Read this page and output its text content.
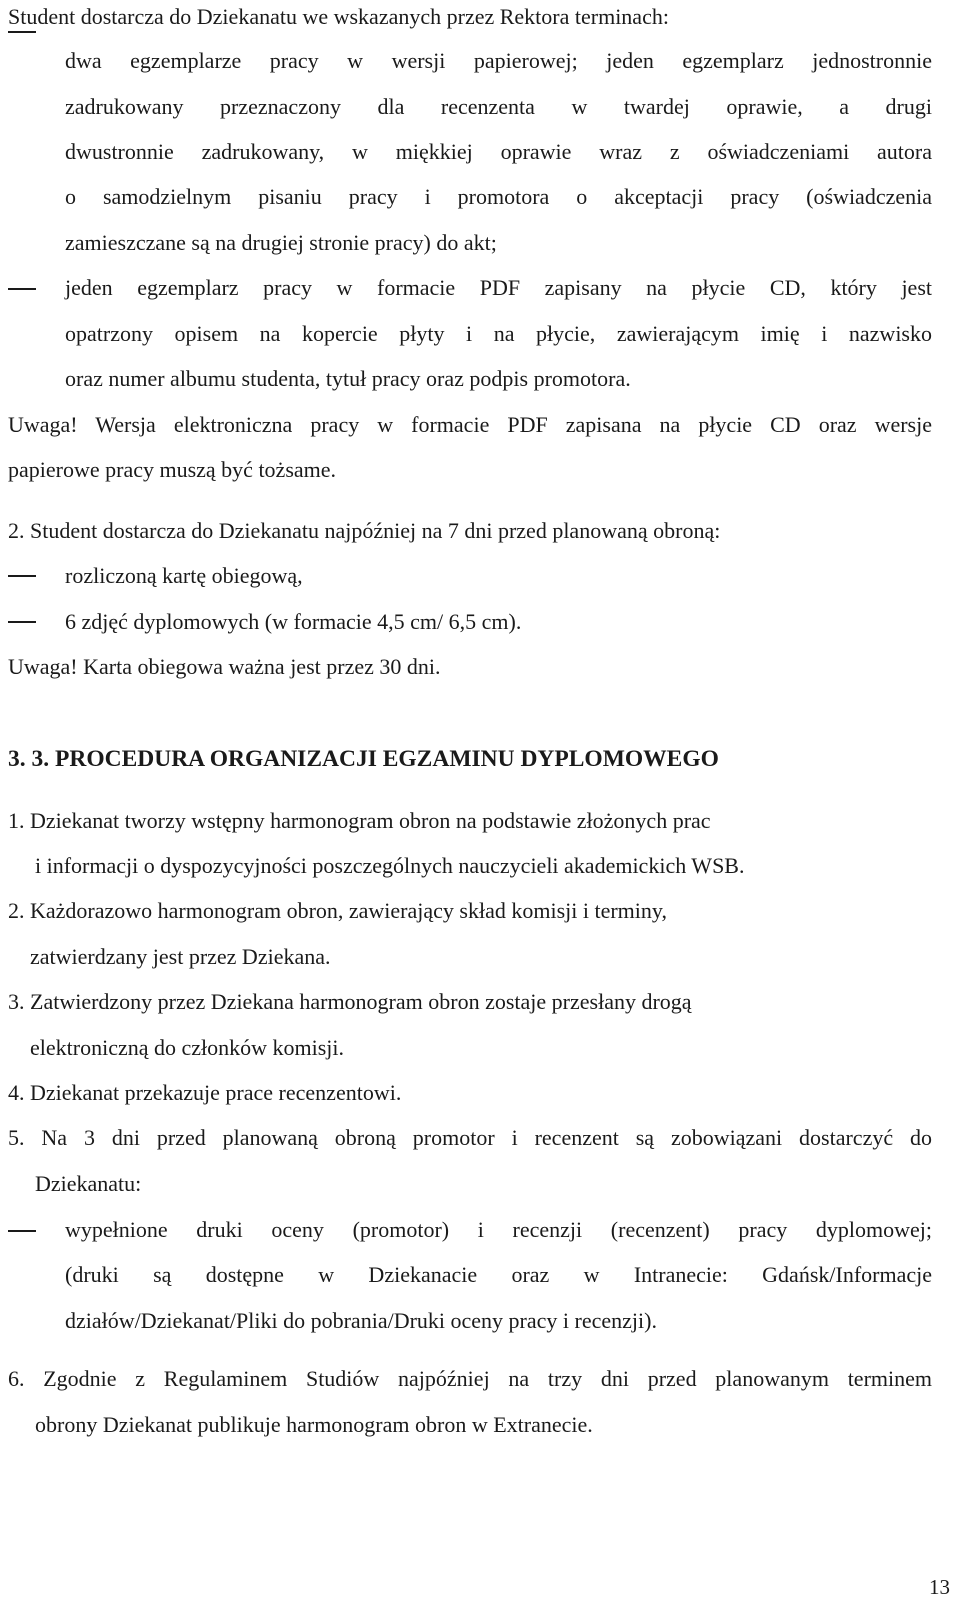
Student dostarcza do Dziekanatu we wskazanych przez Rektora terminach:
dwa egzemplarze pracy w wersji papierowej; jeden egzemplarz jednostronnie
zadrukowany przeznaczony dla recenzenta w twardej oprawie, a drugi
dwustronnie zadrukowany, w miękkiej oprawie wraz z oświadczeniami autora
o samodzielnym pisaniu pracy i promotora o akceptacji pracy (oświadczenia
zamieszczane są na drugiej stronie pracy) do akt;
jeden egzemplarz pracy w formacie PDF zapisany na płycie CD, który jest
opatrzony opisem na kopercie płyty i na płycie, zawierającym imię i nazwisko
oraz numer albumu studenta, tytuł pracy oraz podpis promotora.
Uwaga! Wersja elektroniczna pracy w formacie PDF zapisana na płycie CD oraz wersje
papierowe pracy muszą być tożsame.
2. Student dostarcza do Dziekanatu najpóźniej na 7 dni przed planowaną obroną:
rozliczoną kartę obiegową,
6 zdjęć dyplomowych (w formacie 4,5 cm/ 6,5 cm).
Uwaga! Karta obiegowa ważna jest przez 30 dni.
3. 3. PROCEDURA ORGANIZACJI EGZAMINU DYPLOMOWEGO
1. Dziekanat tworzy wstępny harmonogram obron na podstawie złożonych prac
i informacji o dyspozycyjności poszczególnych nauczycieli akademickich WSB.
2. Każdorazowo harmonogram obron, zawierający skład komisji i terminy,
zatwierdzany jest przez Dziekana.
3. Zatwierdzony przez Dziekana harmonogram obron zostaje przesłany drogą
elektroniczną do członków komisji.
4. Dziekanat przekazuje prace recenzentowi.
5. Na 3 dni przed planowaną obroną promotor i recenzent są zobowiązani dostarczyć do
Dziekanatu:
wypełnione druki oceny (promotor) i recenzji (recenzent) pracy dyplomowej;
(druki są dostępne w Dziekanacie oraz w Intranecie: Gdańsk/Informacje
działów/Dziekanat/Pliki do pobrania/Druki oceny pracy i recenzji).
6. Zgodnie z Regulaminem Studiów najpóźniej na trzy dni przed planowanym terminem
obrony Dziekanat publikuje harmonogram obron w Extranecie.
13
